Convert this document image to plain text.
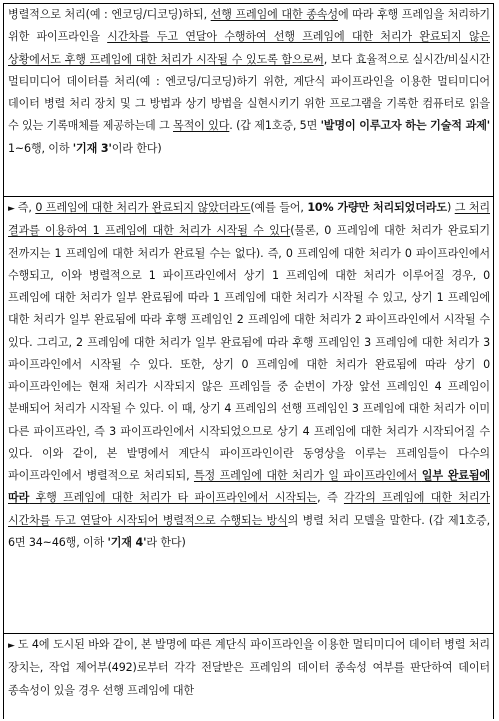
병렬적으로 처리(예 : 엔코딩/디코딩)하되, 선행 프레임에 대한 종속성에 따라 후행 프레임을 처리하기 위한 파이프라인을 시간차를 두고 연달아 수행하여 선행 프레임에 대한 처리가 완료되지 않은 상황에서도 후행 프레임에 대한 처리가 시작될 수 있도록 함으로써, 보다 효율적으로 실시간/비실시간 멀티미디어 데이터를 처리(예 : 엔코딩/디코딩)하기 위한, 계단식 파이프라인을 이용한 멀티미디어 데이터 병렬 처리 장치 및 그 방법과 상기 방법을 실현시키기 위한 프로그램을 기록한 컴퓨터로 읽을 수 있는 기록매체를 제공하는데 그 목적이 있다. (갑 제1호증, 5면 '발명이 이루고자 하는 기술적 과제' 1~6행, 이하 '기재 3'이라 한다)

► 즉, 0 프레임에 대한 처리가 완료되지 않았더라도(예를 들어, 10% 가량만 처리되었더라도) 그 처리 결과를 이용하여 1 프레임에 대한 처리가 시작될 수 있다(물론, 0 프레임에 대한 처리가 완료되기 전까지는 1 프레임에 대한 처리가 완료될 수는 없다). 즉, 0 프레임에 대한 처리가 0 파이프라인에서 수행되고, 이와 병렬적으로 1 파이프라인에서 상기 1 프레임에 대한 처리가 이루어질 경우, 0 프레임에 대한 처리가 일부 완료됨에 따라 1 프레임에 대한 처리가 시작될 수 있고, 상기 1 프레임에 대한 처리가 일부 완료됨에 따라 후행 프레임인 2 프레임에 대한 처리가 2 파이프라인에서 시작될 수 있다. 그리고, 2 프레임에 대한 처리가 일부 완료됨에 따라 후행 프레임인 3 프레임에 대한 처리가 3 파이프라인에서 시작될 수 있다. 또한, 상기 0 프레임에 대한 처리가 완료됨에 따라 상기 0 파이프라인에는 현재 처리가 시작되지 않은 프레임들 중 순번이 가장 앞선 프레임인 4 프레임이 분배되어 처리가 시작될 수 있다. 이 때, 상기 4 프레임의 선행 프레임인 3 프레임에 대한 처리가 이미 다른 파이프라인, 즉 3 파이프라인에서 시작되었으므로 상기 4 프레임에 대한 처리가 시작되어질 수 있다. 이와 같이, 본 발명에서 계단식 파이프라인이란 동영상을 이루는 프레임들이 다수의 파이프라인에서 병렬적으로 처리되되, 특정 프레임에 대한 처리가 일 파이프라인에서 일부 완료됨에 따라 후행 프레임에 대한 처리가 타 파이프라인에서 시작되는, 즉 각각의 프레임에 대한 처리가 시간차를 두고 연달아 시작되어 병렬적으로 수행되는 방식의 병렬 처리 모델을 말한다. (갑 제1호증, 6면 34~46행, 이하 '기재 4'라 한다)

► 도 4에 도시된 바와 같이, 본 발명에 따른 계단식 파이프라인을 이용한 멀티미디어 데이터 병렬 처리 장치는, 작업 제어부(492)로부터 각각 전달받은 프레임의 데이터 종속성 여부를 판단하여 데이터 종속성이 있을 경우 선행 프레임에 대한
